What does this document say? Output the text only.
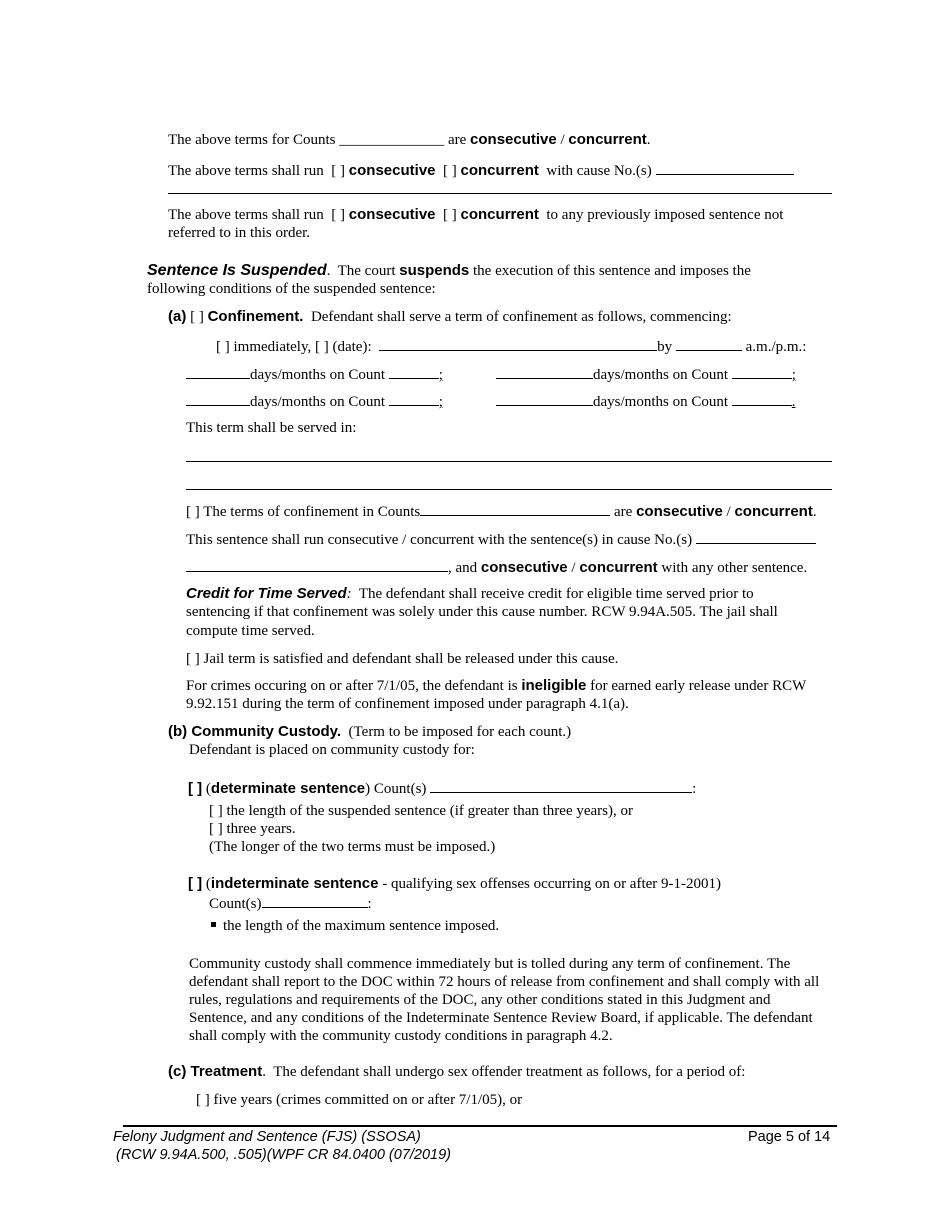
The above terms for Counts ______________ are consecutive / concurrent.
The above terms shall run [ ] consecutive [ ] concurrent with cause No.(s)
The above terms shall run [ ] consecutive [ ] concurrent to any previously imposed sentence not
referred to in this order.
Sentence Is Suspended. The court suspends the execution of this sentence and imposes the
following conditions of the suspended sentence:
(a) [ ] Confinement. Defendant shall serve a term of confinement as follows, commencing:
[ ] immediately, [ ] (date):	by	a.m./p.m.:
days/months on Count	;	days/months on Count	;
days/months on Count	;	days/months on Count	.
This term shall be served in:
[ ] The terms of confinement in Counts	are consecutive / concurrent.
This sentence shall run consecutive / concurrent with the sentence(s) in cause No.(s)
, and consecutive / concurrent with any other sentence.
Credit for Time Served: The defendant shall receive credit for eligible time served prior to
sentencing if that confinement was solely under this cause number. RCW 9.94A.505. The jail shall
compute time served.
[ ] Jail term is satisfied and defendant shall be released under this cause.
For crimes occuring on or after 7/1/05, the defendant is ineligible for earned early release under RCW
9.92.151 during the term of confinement imposed under paragraph 4.1(a).
(b) Community Custody. (Term to be imposed for each count.)
Defendant is placed on community custody for:
[ ] (determinate sentence) Count(s)	:
[ ] the length of the suspended sentence (if greater than three years), or
[ ] three years.
(The longer of the two terms must be imposed.)
[ ] (indeterminate sentence - qualifying sex offenses occurring on or after 9-1-2001)
Count(s)	:
the length of the maximum sentence imposed.
Community custody shall commence immediately but is tolled during any term of confinement. The
defendant shall report to the DOC within 72 hours of release from confinement and shall comply with all
rules, regulations and requirements of the DOC, any other conditions stated in this Judgment and
Sentence, and any conditions of the Indeterminate Sentence Review Board, if applicable. The defendant
shall comply with the community custody conditions in paragraph 4.2.
(c) Treatment. The defendant shall undergo sex offender treatment as follows, for a period of:
[ ] five years (crimes committed on or after 7/1/05), or
Felony Judgment and Sentence (FJS) (SSOSA)
(RCW 9.94A.500, .505)(WPF CR 84.0400 (07/2019)
Page 5 of 14
